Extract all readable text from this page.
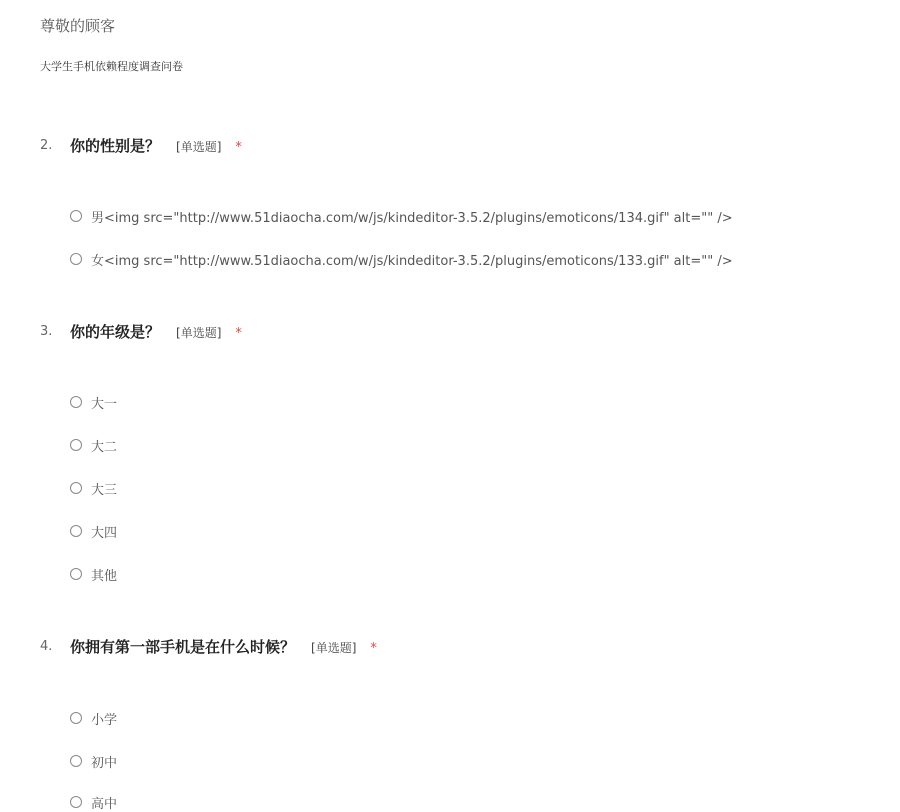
尊敬的顾客
大学生手机依赖程度调查问卷
2. 你的性别是？ [单选题] *
男<img src="http://www.51diaocha.com/w/js/kindeditor-3.5.2/plugins/emoticons/134.gif" alt="" />
女<img src="http://www.51diaocha.com/w/js/kindeditor-3.5.2/plugins/emoticons/133.gif" alt="" />
3. 你的年级是？ [单选题] *
大一
大二
大三
大四
其他
4. 你拥有第一部手机是在什么时候？ [单选题] *
小学
初中
高中
